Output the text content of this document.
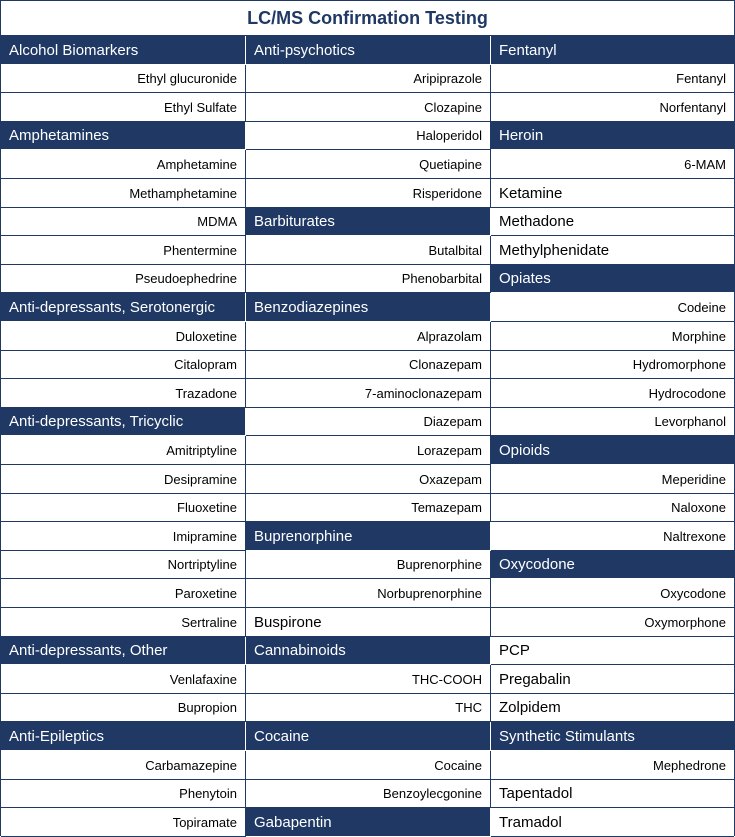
LC/MS Confirmation Testing
Alcohol Biomarkers
Ethyl glucuronide
Ethyl Sulfate
Amphetamines
Amphetamine
Methamphetamine
MDMA
Phentermine
Pseudoephedrine
Anti-depressants, Serotonergic
Duloxetine
Citalopram
Trazadone
Anti-depressants, Tricyclic
Amitriptyline
Desipramine
Fluoxetine
Imipramine
Nortriptyline
Paroxetine
Sertraline
Anti-depressants, Other
Venlafaxine
Bupropion
Anti-Epileptics
Carbamazepine
Phenytoin
Topiramate
Anti-psychotics
Aripiprazole
Clozapine
Haloperidol
Quetiapine
Risperidone
Barbiturates
Butalbital
Phenobarbital
Benzodiazepines
Alprazolam
Clonazepam
7-aminoclonazepam
Diazepam
Lorazepam
Oxazepam
Temazepam
Buprenorphine
Buprenorphine
Norbuprenorphine
Buspirone
Cannabinoids
THC-COOH
THC
Cocaine
Cocaine
Benzoylecgonine
Gabapentin
Fentanyl
Fentanyl
Norfentanyl
Heroin
6-MAM
Ketamine
Methadone
Methylphenidate
Opiates
Codeine
Morphine
Hydromorphone
Hydrocodone
Levorphanol
Opioids
Meperidine
Naloxone
Naltrexone
Oxycodone
Oxycodone
Oxymorphone
PCP
Pregabalin
Zolpidem
Synthetic Stimulants
Mephedrone
Tapentadol
Tramadol
